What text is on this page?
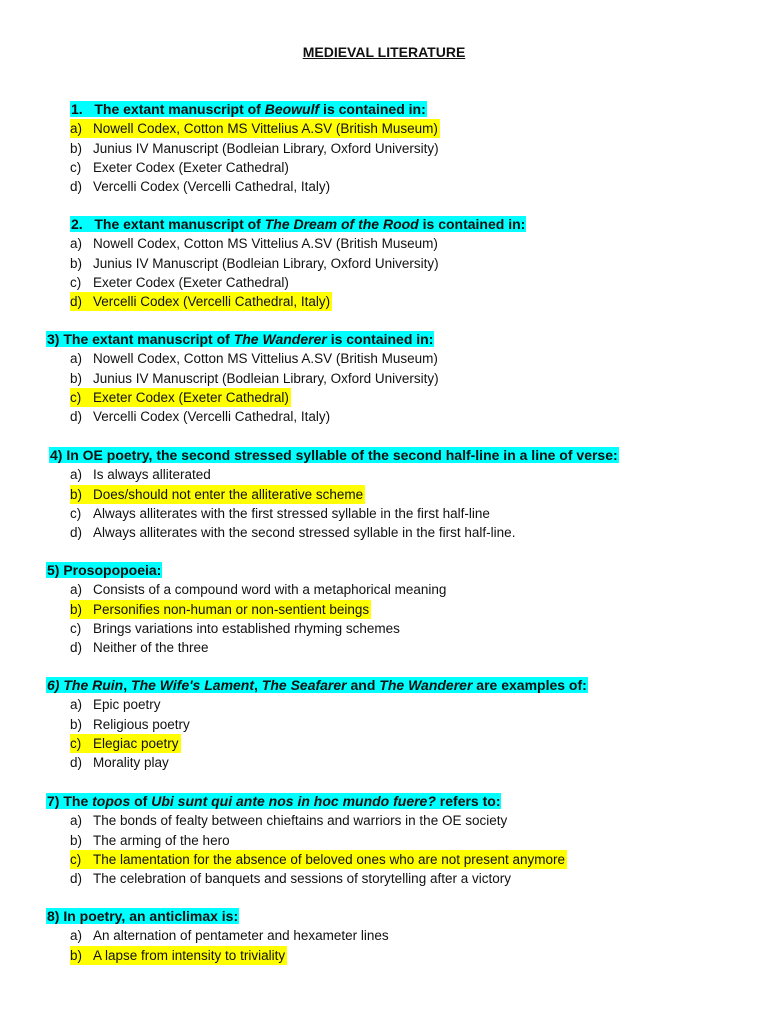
MEDIEVAL LITERATURE
1.   The extant manuscript of Beowulf is contained in:
a) Nowell Codex, Cotton MS Vittelius A.SV (British Museum)
b) Junius IV Manuscript (Bodleian Library, Oxford University)
c) Exeter Codex (Exeter Cathedral)
d) Vercelli Codex (Vercelli Cathedral, Italy)
2.   The extant manuscript of The Dream of the Rood is contained in:
a) Nowell Codex, Cotton MS Vittelius A.SV (British Museum)
b) Junius IV Manuscript (Bodleian Library, Oxford University)
c) Exeter Codex (Exeter Cathedral)
d) Vercelli Codex (Vercelli Cathedral, Italy)
3) The extant manuscript of The Wanderer is contained in:
a) Nowell Codex, Cotton MS Vittelius A.SV (British Museum)
b) Junius IV Manuscript (Bodleian Library, Oxford University)
c) Exeter Codex (Exeter Cathedral)
d) Vercelli Codex (Vercelli Cathedral, Italy)
4) In OE poetry, the second stressed syllable of the second half-line in a line of verse:
a) Is always alliterated
b) Does/should not enter the alliterative scheme
c) Always alliterates with the first stressed syllable in the first half-line
d) Always alliterates with the second stressed syllable in the first half-line.
5) Prosopopoeia:
a) Consists of a compound word with a metaphorical meaning
b) Personifies non-human or non-sentient beings
c) Brings variations into established rhyming schemes
d) Neither of the three
6) The Ruin, The Wife's Lament, The Seafarer and The Wanderer are examples of:
a) Epic poetry
b) Religious poetry
c) Elegiac poetry
d) Morality play
7) The topos of Ubi sunt qui ante nos in hoc mundo fuere? refers to:
a) The bonds of fealty between chieftains and warriors in the OE society
b) The arming of the hero
c) The lamentation for the absence of beloved ones who are not present anymore
d) The celebration of banquets and sessions of storytelling after a victory
8) In poetry, an anticlimax is:
a) An alternation of pentameter and hexameter lines
b) A lapse from intensity to triviality
